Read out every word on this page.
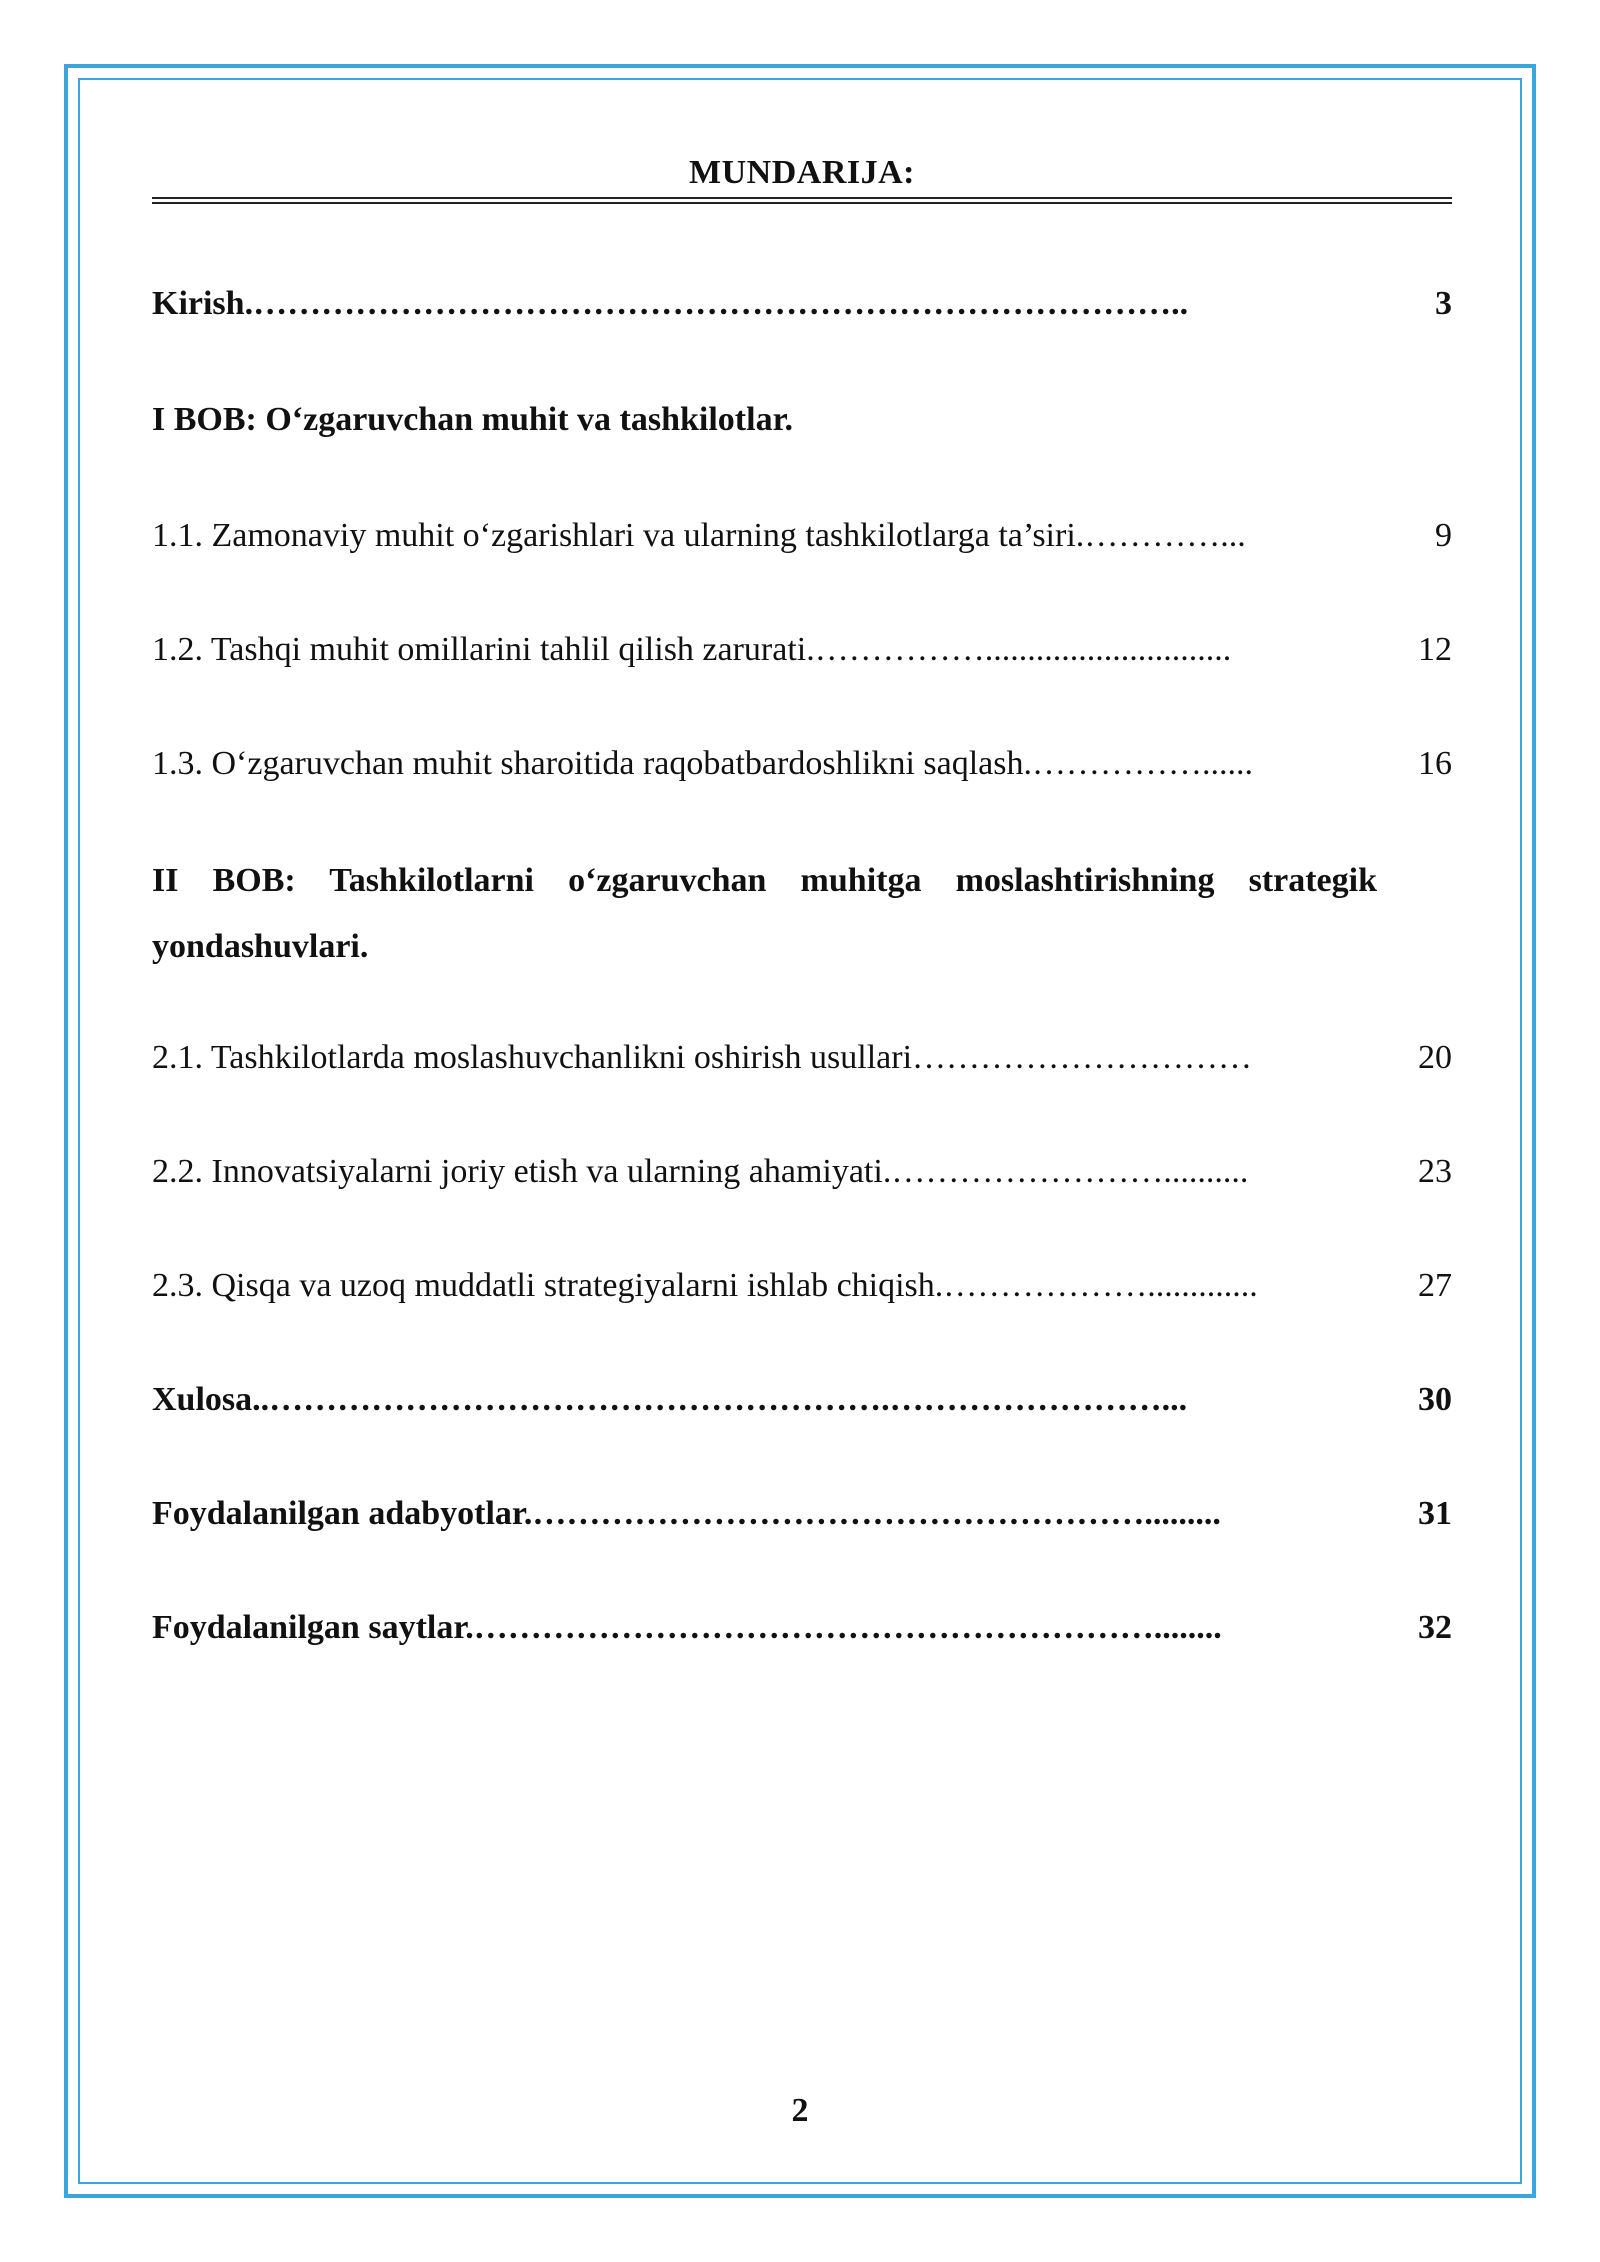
MUNDARIJA:
Kirish.………………………………………………………………………..	3
I BOB: O‘zgaruvchan muhit va tashkilotlar.
1.1. Zamonaviy muhit o‘zgarishlari va ularning tashkilotlarga ta’siri.…………...	9
1.2. Tashqi muhit omillarini tahlil qilish zarurati.…………….............................	12
1.3. O‘zgaruvchan muhit sharoitida raqobatbardoshlikni saqlash.……………......	16
II BOB: Tashkilotlarni o‘zgaruvchan muhitga moslashtirishning strategik yondashuvlari.
2.1. Tashkilotlarda moslashuvchanlikni oshirish usullari…………………………	20
2.2. Innovatsiyalarni joriy etish va ularning ahamiyati.……………………..........	23
2.3. Qisqa va uzoq muddatli strategiyalarni ishlab chiqish.……………….............	27
Xulosa..……………………………………………….……………………...	30
Foydalanilgan adabyotlar.……………………………………………….........	31
Foydalanilgan saytlar.……………………………………………………........	32
2
